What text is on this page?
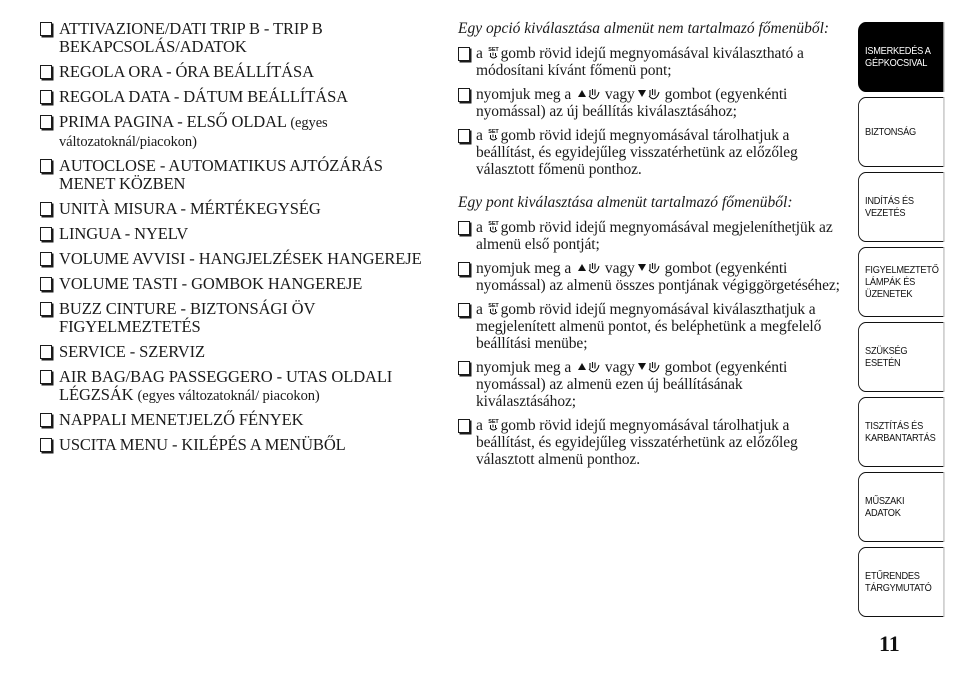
ATTIVAZIONE/DATI TRIP B - TRIP B BEKAPCSOLÁS/ADATOK
REGOLA ORA - ÓRA BEÁLLÍTÁSA
REGOLA DATA - DÁTUM BEÁLLÍTÁSA
PRIMA PAGINA - ELSŐ OLDAL (egyes változatoknál/piacokon)
AUTOCLOSE - AUTOMATIKUS AJTÓZÁRÁS MENET KÖZBEN
UNITÀ MISURA - MÉRTÉKEGYSÉG
LINGUA - NYELV
VOLUME AVVISI - HANGJELZÉSEK HANGEREJE
VOLUME TASTI - GOMBOK HANGEREJE
BUZZ CINTURE - BIZTONSÁGI ÖV FIGYELMEZTETÉS
SERVICE - SZERVIZ
AIR BAG/BAG PASSEGGERO - UTAS OLDALI LÉGZSÁK (egyes változatoknál/ piacokon)
NAPPALI MENETJELZŐ FÉNYEK
USCITA MENU - KILÉPÉS A MENÜBŐL
Egy opció kiválasztása almenüt nem tartalmazó főmenüből:
a SET gomb rövid idejű megnyomásával kiválasztható a módosítani kívánt főmenü pont;
nyomjuk meg a vagy gombot (egyenkénti nyomással) az új beállítás kiválasztásához;
a SET gomb rövid idejű megnyomásával tárolhatjuk a beállítást, és egyidejűleg visszatérhetünk az előzőleg választott főmenü ponthoz.
Egy pont kiválasztása almenüt tartalmazó főmenüből:
a SET gomb rövid idejű megnyomásával megjeleníthetjük az almenü első pontját;
nyomjuk meg a vagy gombot (egyenkénti nyomással) az almenü összes pontjának végiggörgetéséhez;
a SET gomb rövid idejű megnyomásával kiválaszthatjuk a megjelenített almenü pontot, és beléphetünk a megfelelő beállítási menübe;
nyomjuk meg a vagy gombot (egyenkénti nyomással) az almenü ezen új beállításának kiválasztásához;
a SET gomb rövid idejű megnyomásával tárolhatjuk a beállítást, és egyidejűleg visszatérhetünk az előzőleg választott almenü ponthoz.
ISMERKEDÉS A
GÉPKOCSIVAL
BIZTONSÁG
INDÍTÁS ÉS
VEZETÉS
FIGYELMEZTETŐ
LÁMPÁK ÉS
ÜZENETEK
SZÜKSÉG ESETÉN
TISZTÍTÁS ÉS
KARBANTARTÁS
MŰSZAKI ADATOK
ETŰRENDES
TÁRGYMUTATÓ
11
